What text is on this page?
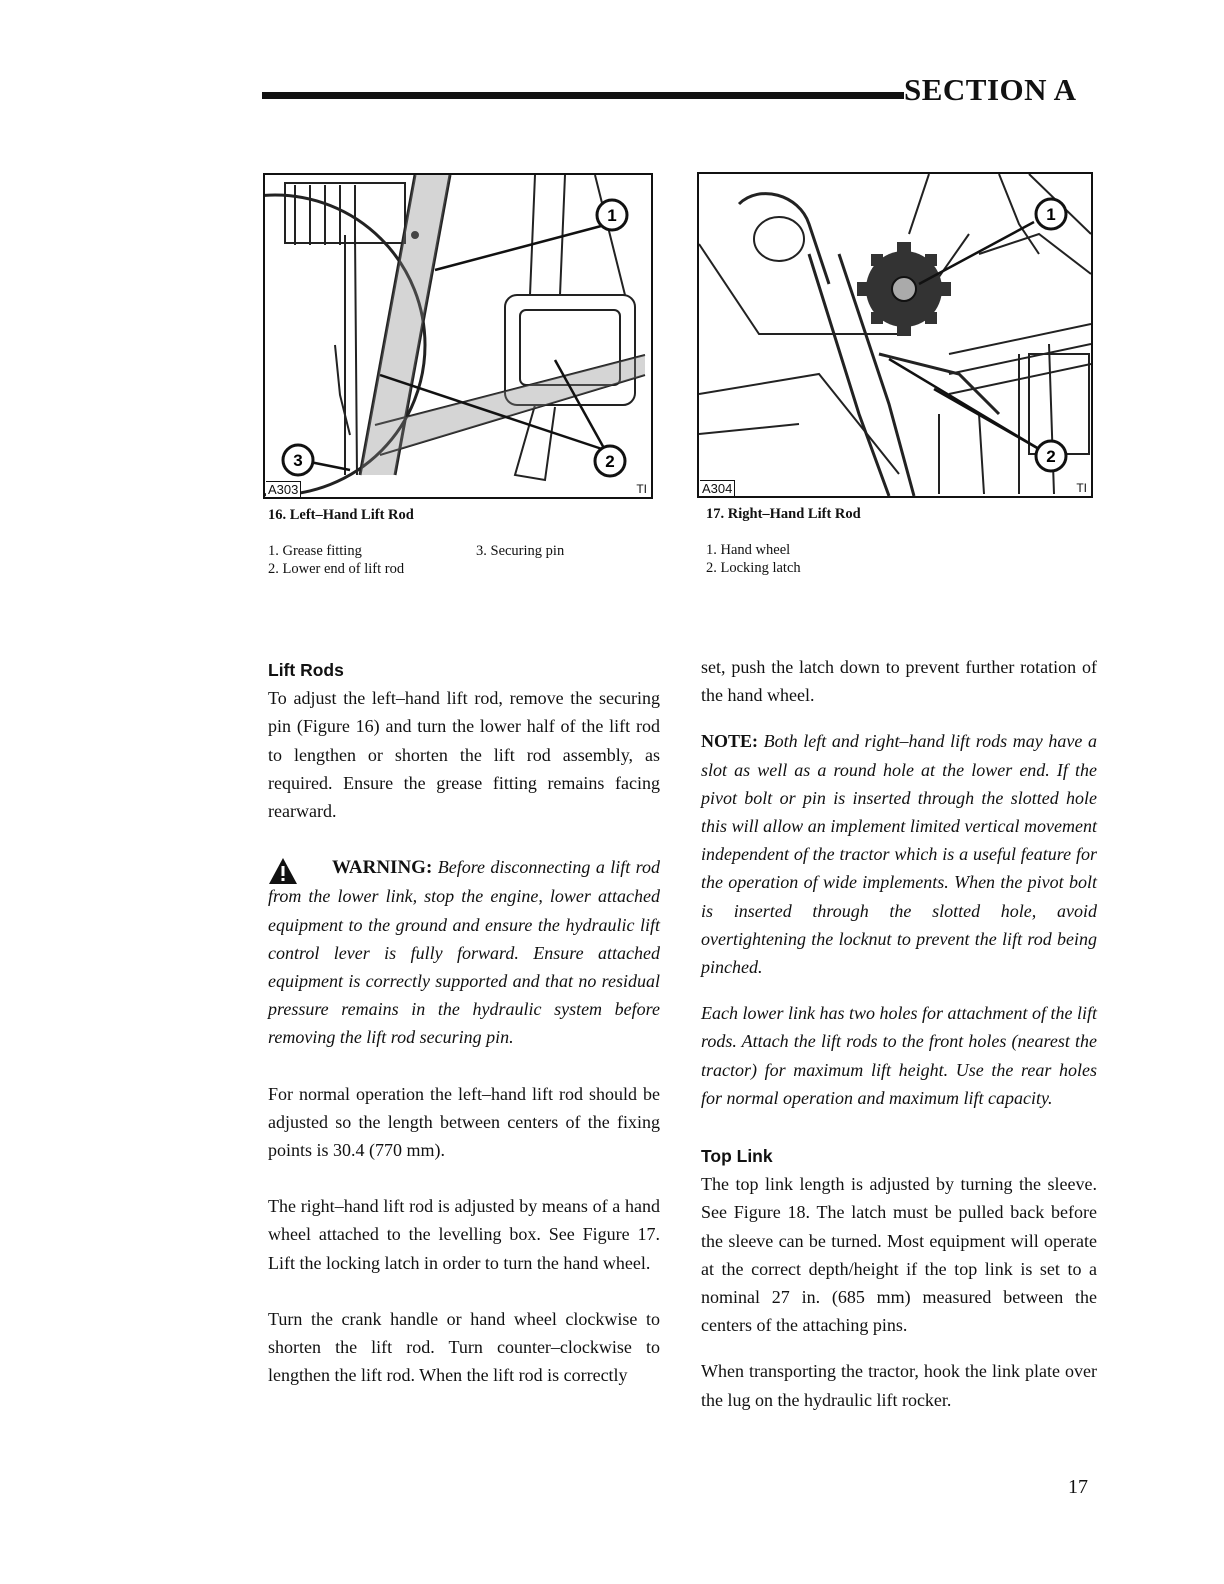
SECTION A
1
2
3
A303	TI
1
2
A304	TI
16. Left–Hand Lift Rod
1. Grease fitting
2. Lower end of lift rod
3. Securing pin
17. Right–Hand Lift Rod
1. Hand wheel
2. Locking latch
Lift Rods

To adjust the left–hand lift rod, remove the securing pin (Figure 16) and turn the lower half of the lift rod to lengthen or shorten the lift rod assembly, as required. Ensure the grease fitting remains facing rearward.

WARNING: Before disconnecting a lift rod from the lower link, stop the engine, lower attached equipment to the ground and ensure the hydraulic lift control lever is fully forward. Ensure attached equipment is correctly supported and that no residual pressure remains in the hydraulic system before removing the lift rod securing pin.

For normal operation the left–hand lift rod should be adjusted so the length between centers of the fixing points is 30.4 (770 mm).

The right–hand lift rod is adjusted by means of a hand wheel attached to the levelling box. See Figure 17. Lift the locking latch in order to turn the hand wheel.

Turn the crank handle or hand wheel clockwise to shorten the lift rod. Turn counter–clockwise to lengthen the lift rod. When the lift rod is correctly

set, push the latch down to prevent further rotation of the hand wheel.

NOTE: Both left and right–hand lift rods may have a slot as well as a round hole at the lower end. If the pivot bolt or pin is inserted through the slotted hole this will allow an implement limited vertical movement independent of the tractor which is a useful feature for the operation of wide implements. When the pivot bolt is inserted through the slotted hole, avoid overtightening the locknut to prevent the lift rod being pinched.

Each lower link has two holes for attachment of the lift rods. Attach the lift rods to the front holes (nearest the tractor) for maximum lift height. Use the rear holes for normal operation and maximum lift capacity.

Top Link

The top link length is adjusted by turning the sleeve. See Figure 18. The latch must be pulled back before the sleeve can be turned. Most equipment will operate at the correct depth/height if the top link is set to a nominal 27 in. (685 mm) measured between the centers of the attaching pins.

When transporting the tractor, hook the link plate over the lug on the hydraulic lift rocker.

17
